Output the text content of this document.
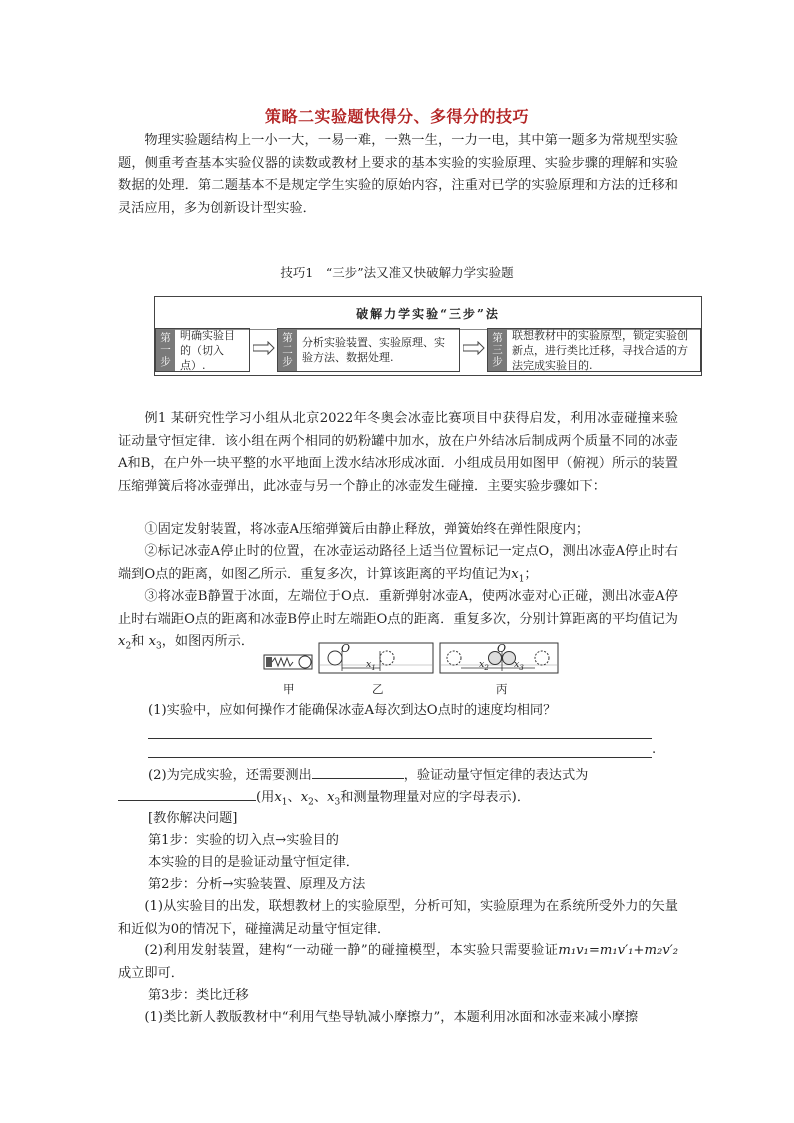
策略二实验题快得分、多得分的技巧
物理实验题结构上一小一大，一易一难，一熟一生，一力一电，其中第一题多为常规型实验题，侧重考查基本实验仪器的读数或教材上要求的基本实验的实验原理、实验步骤的理解和实验数据的处理．第二题基本不是规定学生实验的原始内容，注重对已学的实验原理和方法的迁移和灵活应用，多为创新设计型实验．
技巧1　“三步”法又准又快破解力学实验题
破解力学实验“三步”法
第
一
步
明确实验目的（切入点）.
第
二
步
分析实验装置、实验原理、实验方法、数据处理.
第
三
步
联想教材中的实验原型，锁定实验创新点，进行类比迁移，寻找合适的方法完成实验目的.
例1 某研究性学习小组从北京2022年冬奥会冰壶比赛项目中获得启发，利用冰壶碰撞来验证动量守恒定律．该小组在两个相同的奶粉罐中加水，放在户外结冰后制成两个质量不同的冰壶A和B，在户外一块平整的水平地面上泼水结冰形成冰面．小组成员用如图甲（俯视）所示的装置压缩弹簧后将冰壶弹出，此冰壶与另一个静止的冰壶发生碰撞．主要实验步骤如下：
①固定发射装置，将冰壶A压缩弹簧后由静止释放，弹簧始终在弹性限度内；
②标记冰壶A停止时的位置，在冰壶运动路径上适当位置标记一定点O，测出冰壶A停止时右端到O点的距离，如图乙所示．重复多次，计算该距离的平均值记为$x_1$；
③将冰壶B静置于冰面，左端位于O点．重新弹射冰壶A，使两冰壶对心正碰，测出冰壶A停止时右端距O点的距离和冰壶B停止时左端距O点的距离．重复多次，分别计算距离的平均值记为 $x_2$和 $x_3$，如图丙所示．	O	O
$x_1$	$x_2$	$x_3$
甲	乙	丙
(1)实验中，应如何操作才能确保冰壶A每次到达O点时的速度均相同？
.
(2)为完成实验，还需要测出	，验证动量守恒定律的表达式为
(用$x_1$、$x_2$、$x_3$和测量物理量对应的字母表示)．
[教你解决问题]
第1步：实验的切入点→实验目的
本实验的目的是验证动量守恒定律．
第2步：分析→实验装置、原理及方法
(1)从实验目的出发，联想教材上的实验原型，分析可知，实验原理为在系统所受外力的矢量和近似为0的情况下，碰撞满足动量守恒定律．
(2)利用发射装置，建构“一动碰一静”的碰撞模型，本实验只需要验证m₁v₁=m₁v′₁+m₂v′₂成立即可．
第3步：类比迁移
(1)类比新人教版教材中“利用气垫导轨减小摩擦力”，本题利用冰面和冰壶来减小摩擦
